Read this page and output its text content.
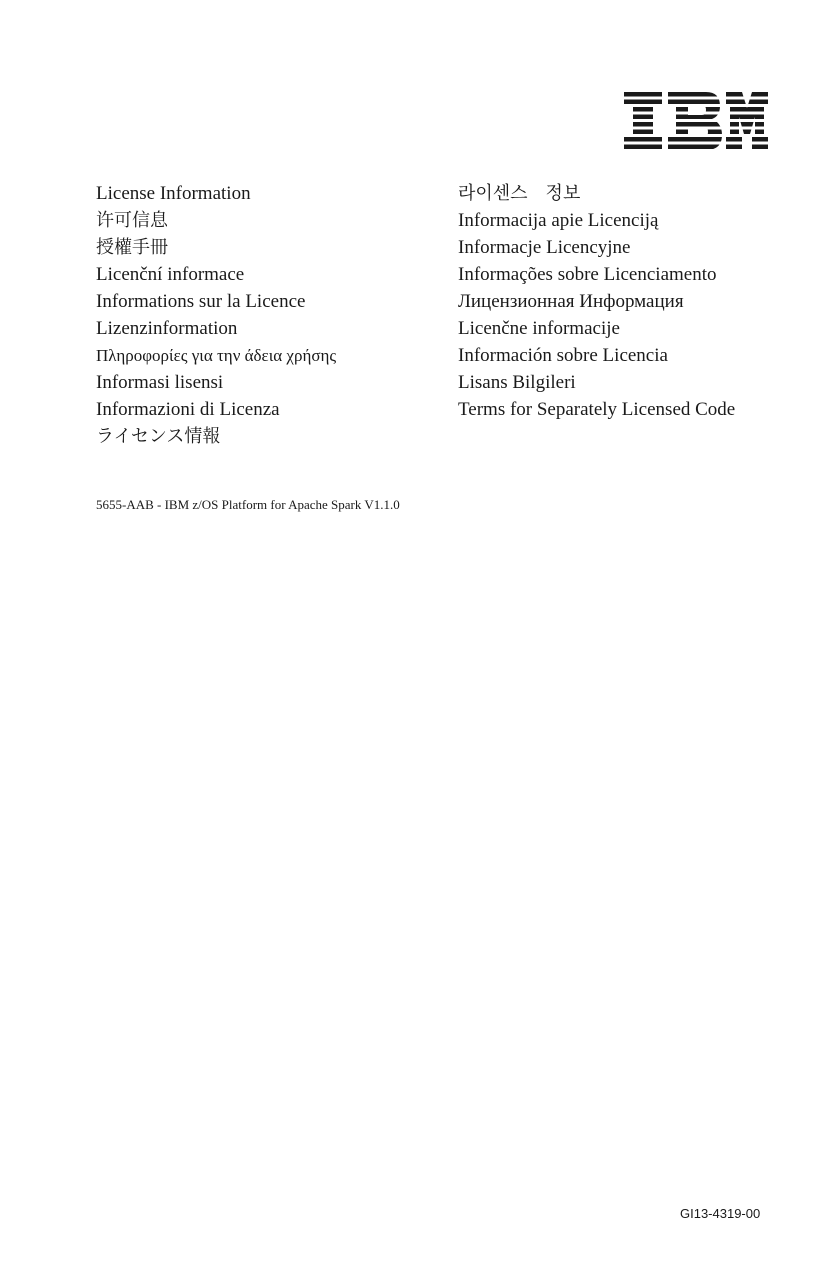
License Information
许可信息
授權手冊
Licenční informace
Informations sur la Licence
Lizenzinformation
Πληροφορίες για την άδεια χρήσης
Informasi lisensi
Informazioni di Licenza
ライセンス情報
라이센스　정보
Informacija apie Licenciją
Informacje Licencyjne
Informações sobre Licenciamento
Лицензионная Информация
Licenčne informacije
Información sobre Licencia
Lisans Bilgileri
Terms for Separately Licensed Code
5655-AAB - IBM z/OS Platform for Apache Spark V1.1.0
GI13-4319-00
